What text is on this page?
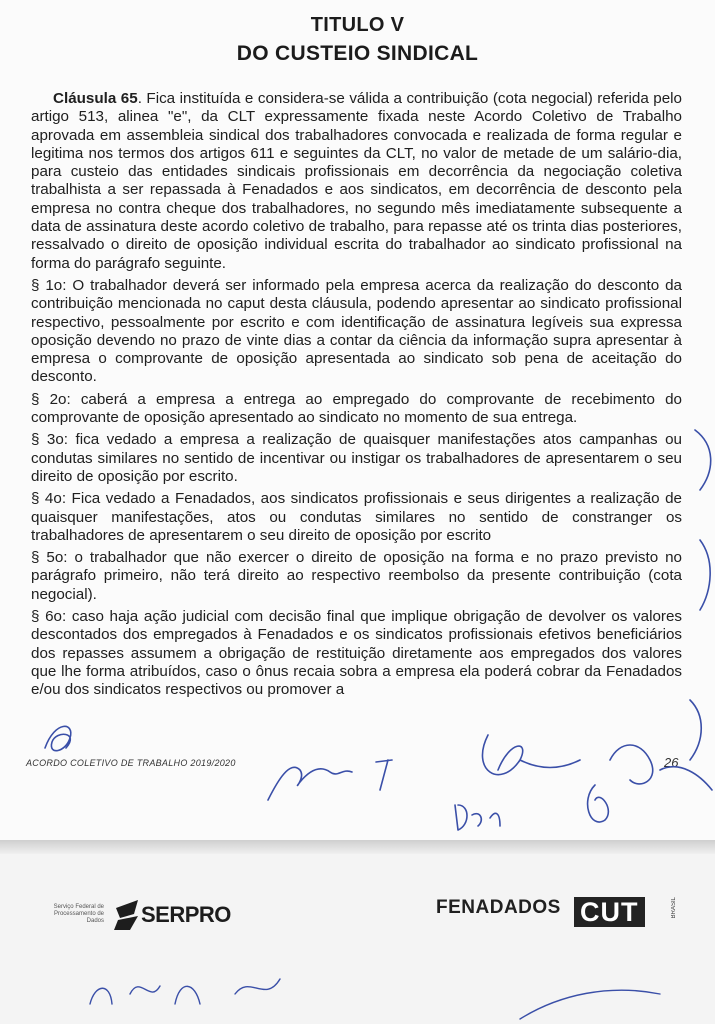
TITULO V
DO CUSTEIO SINDICAL

Cláusula 65. Fica instituída e considera-se válida a contribuição (cota negocial) referida pelo artigo 513, alinea "e", da CLT expressamente fixada neste Acordo Coletivo de Trabalho aprovada em assembleia sindical dos trabalhadores convocada e realizada de forma regular e legitima nos termos dos artigos 611 e seguintes da CLT, no valor de metade de um salário-dia, para custeio das entidades sindicais profissionais em decorrência da negociação coletiva trabalhista a ser repassada à Fenadados e aos sindicatos, em decorrência de desconto pela empresa no contra cheque dos trabalhadores, no segundo mês imediatamente subsequente a data de assinatura deste acordo coletivo de trabalho, para repasse até os trinta dias posteriores, ressalvado o direito de oposição individual escrita do trabalhador ao sindicato profissional na forma do parágrafo seguinte.

§ 1o: O trabalhador deverá ser informado pela empresa acerca da realização do desconto da contribuição mencionada no caput desta cláusula, podendo apresentar ao sindicato profissional respectivo, pessoalmente por escrito e com identificação de assinatura legíveis sua expressa oposição devendo no prazo de vinte dias a contar da ciência da informação supra apresentar à empresa o comprovante de oposição apresentada ao sindicato sob pena de aceitação do desconto.

§ 2o: caberá a empresa a entrega ao empregado do comprovante de recebimento do comprovante de oposição apresentado ao sindicato no momento de sua entrega.

§ 3o: fica vedado a empresa a realização de quaisquer manifestações atos campanhas ou condutas similares no sentido de incentivar ou instigar os trabalhadores de apresentarem o seu direito de oposição por escrito.

§ 4o: Fica vedado a Fenadados, aos sindicatos profissionais e seus dirigentes a realização de quaisquer manifestações, atos ou condutas similares no sentido de constranger os trabalhadores de apresentarem o seu direito de oposição por escrito

§ 5o: o trabalhador que não exercer o direito de oposição na forma e no prazo previsto no parágrafo primeiro, não terá direito ao respectivo reembolso da presente contribuição (cota negocial).

§ 6o: caso haja ação judicial com decisão final que implique obrigação de devolver os valores descontados dos empregados à Fenadados e os sindicatos profissionais efetivos beneficiários dos repasses assumem a obrigação de restituição diretamente aos empregados dos valores que lhe forma atribuídos, caso o ônus recaia sobra a empresa ela poderá cobrar da Fenadados e/ou dos sindicatos respectivos ou promover a

ACORDO COLETIVO DE TRABALHO 2019/2020	26
Serviço Federal de Processamento de Dados SERPRO	FENADADOS CUT	BRASIL
